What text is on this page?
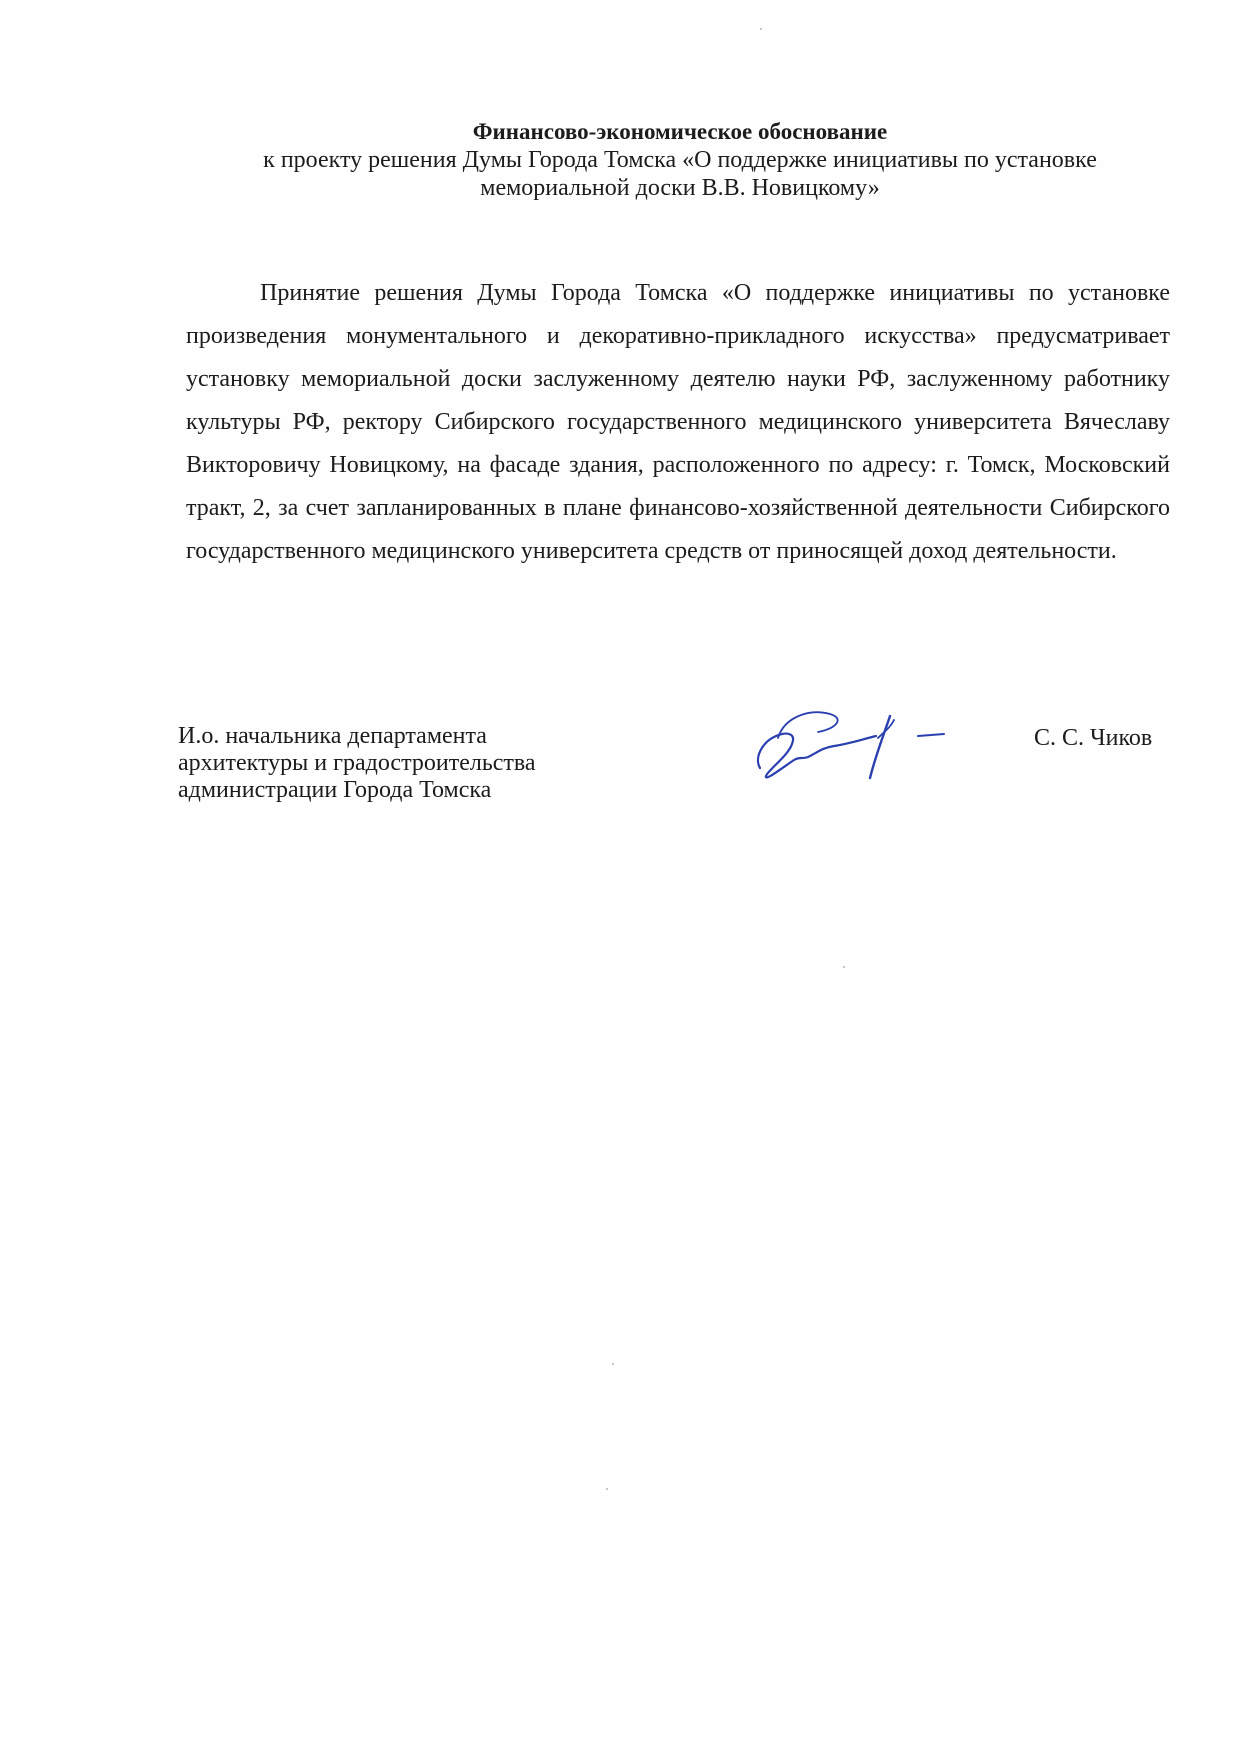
Финансово-экономическое обоснование
к проекту решения Думы Города Томска «О поддержке инициативы по установке
мемориальной доски В.В. Новицкому»
Принятие решения Думы Города Томска «О поддержке инициативы по установке произведения монументального и декоративно-прикладного искусства» предусматривает установку мемориальной доски заслуженному деятелю науки РФ, заслуженному работнику культуры РФ, ректору Сибирского государственного медицинского университета Вячеславу Викторовичу Новицкому, на фасаде здания, расположенного по адресу: г. Томск, Московский тракт, 2, за счет запланированных в плане финансово-хозяйственной деятельности Сибирского государственного медицинского университета средств от приносящей доход деятельности.
И.о. начальника департамента
архитектуры и градостроительства
администрации Города Томска
С. С. Чиков
